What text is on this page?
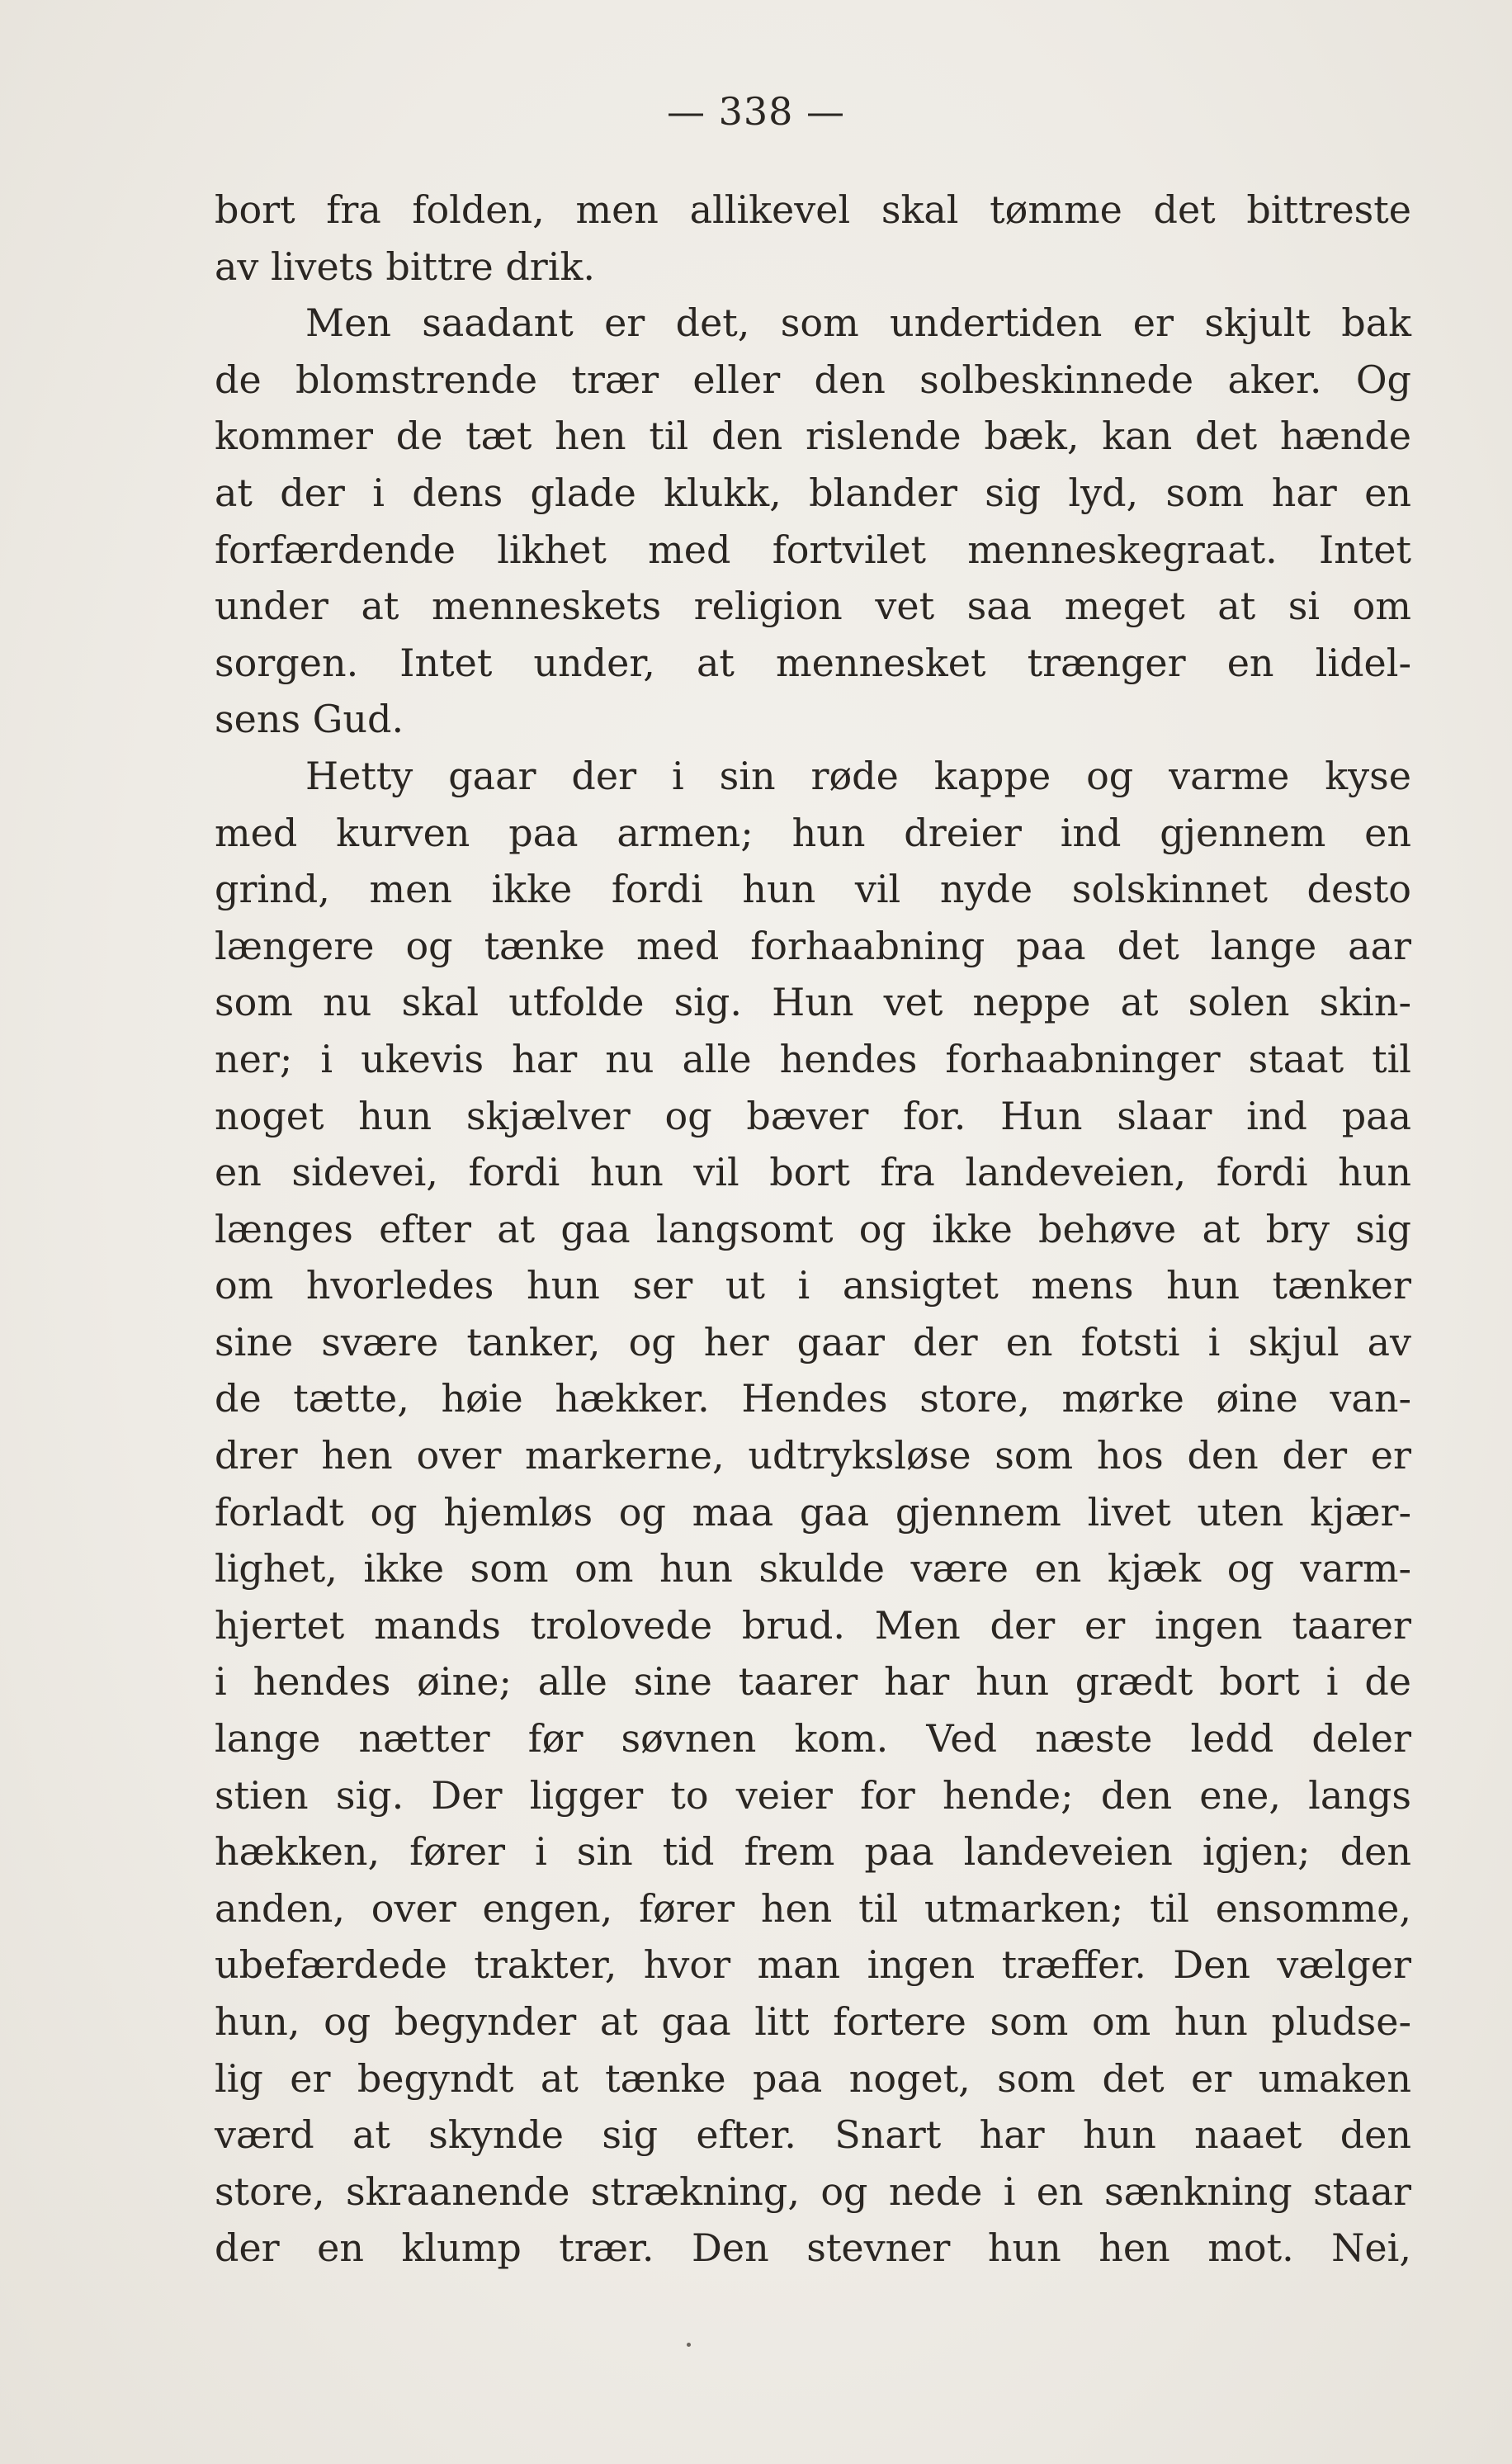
— 338 —
bort fra folden, men allikevel skal tømme det bittreste
av livets bittre drik.
Men saadant er det, som undertiden er skjult bak
de blomstrende trær eller den solbeskinnede aker. Og
kommer de tæt hen til den rislende bæk, kan det hænde
at der i dens glade klukk, blander sig lyd, som har en
forfærdende likhet med fortvilet menneskegraat. Intet
under at menneskets religion vet saa meget at si om
sorgen. Intet under, at mennesket trænger en lidel-
sens Gud.
Hetty gaar der i sin røde kappe og varme kyse
med kurven paa armen; hun dreier ind gjennem en
grind, men ikke fordi hun vil nyde solskinnet desto
længere og tænke med forhaabning paa det lange aar
som nu skal utfolde sig. Hun vet neppe at solen skin-
ner; i ukevis har nu alle hendes forhaabninger staat til
noget hun skjælver og bæver for. Hun slaar ind paa
en sidevei, fordi hun vil bort fra landeveien, fordi hun
længes efter at gaa langsomt og ikke behøve at bry sig
om hvorledes hun ser ut i ansigtet mens hun tænker
sine svære tanker, og her gaar der en fotsti i skjul av
de tætte, høie hækker. Hendes store, mørke øine van-
drer hen over markerne, udtryksløse som hos den der er
forladt og hjemløs og maa gaa gjennem livet uten kjær-
lighet, ikke som om hun skulde være en kjæk og varm-
hjertet mands trolovede brud. Men der er ingen taarer
i hendes øine; alle sine taarer har hun grædt bort i de
lange nætter før søvnen kom. Ved næste ledd deler
stien sig. Der ligger to veier for hende; den ene, langs
hækken, fører i sin tid frem paa landeveien igjen; den
anden, over engen, fører hen til utmarken; til ensomme,
ubefærdede trakter, hvor man ingen træffer. Den vælger
hun, og begynder at gaa litt fortere som om hun pludse-
lig er begyndt at tænke paa noget, som det er umaken
værd at skynde sig efter. Snart har hun naaet den
store, skraanende strækning, og nede i en sænkning staar
der en klump trær. Den stevner hun hen mot. Nei,
